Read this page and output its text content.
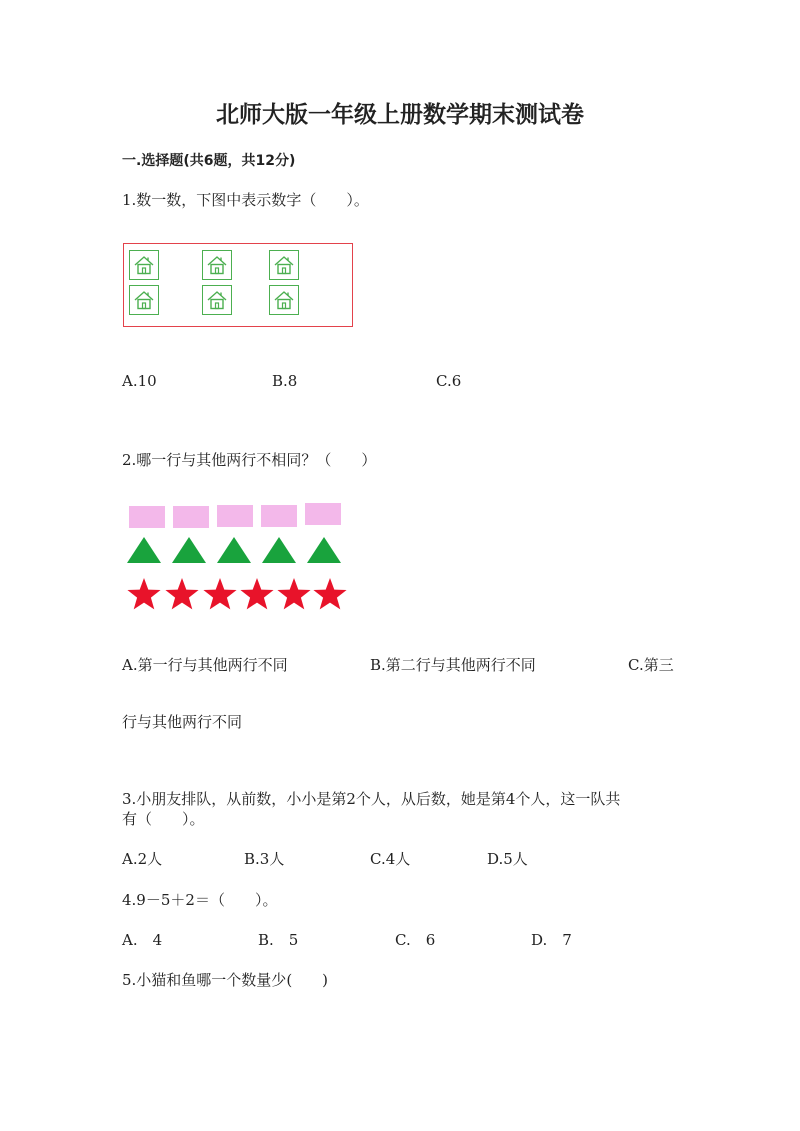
北师大版一年级上册数学期末测试卷
一.选择题(共6题，共12分)
1.数一数，下图中表示数字（　　）。
A.10	B.8	C.6
2.哪一行与其他两行不相同？（　　）
A.第一行与其他两行不同	B.第二行与其他两行不同	C.第三
行与其他两行不同
3.小朋友排队，从前数，小小是第2个人，从后数，她是第4个人，这一队共
有（　　）。
A.2人	B.3人	C.4人	D.5人
4.9－5＋2＝（　　）。
A.　4	B.　5	C.　6	D.　7
5.小猫和鱼哪一个数量少(　　)
